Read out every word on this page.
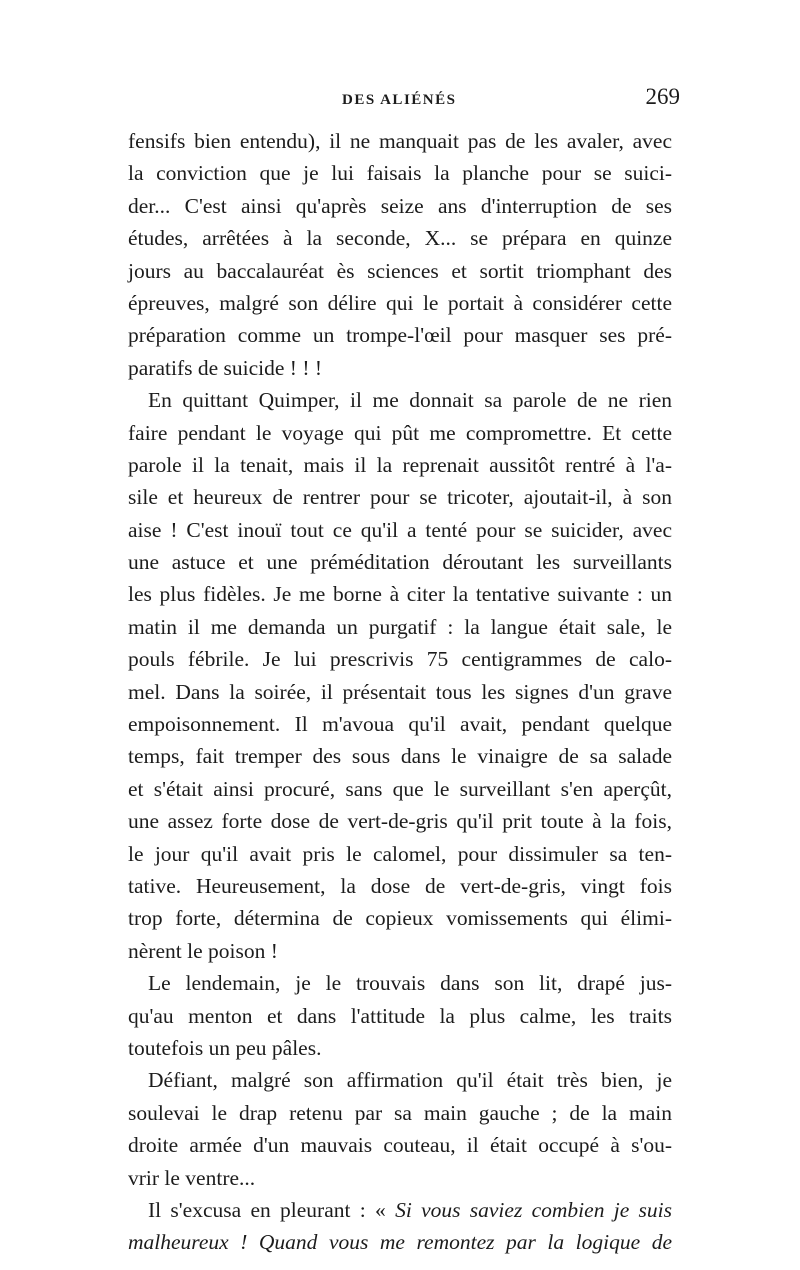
DES ALIÉNÉS	269
fensifs bien entendu), il ne manquait pas de les avaler, avec
la conviction que je lui faisais la planche pour se suici-
der... C'est ainsi qu'après seize ans d'interruption de ses
études, arrêtées à la seconde, X... se prépara en quinze
jours au baccalauréat ès sciences et sortit triomphant des
épreuves, malgré son délire qui le portait à considérer cette
préparation comme un trompe-l'œil pour masquer ses pré-
paratifs de suicide ! ! !
En quittant Quimper, il me donnait sa parole de ne rien
faire pendant le voyage qui pût me compromettre. Et cette
parole il la tenait, mais il la reprenait aussitôt rentré à l'a-
sile et heureux de rentrer pour se tricoter, ajoutait-il, à son
aise ! C'est inouï tout ce qu'il a tenté pour se suicider, avec
une astuce et une préméditation déroutant les surveillants
les plus fidèles. Je me borne à citer la tentative suivante : un
matin il me demanda un purgatif : la langue était sale, le
pouls fébrile. Je lui prescrivis 75 centigrammes de calo-
mel. Dans la soirée, il présentait tous les signes d'un grave
empoisonnement. Il m'avoua qu'il avait, pendant quelque
temps, fait tremper des sous dans le vinaigre de sa salade
et s'était ainsi procuré, sans que le surveillant s'en aperçût,
une assez forte dose de vert-de-gris qu'il prit toute à la fois,
le jour qu'il avait pris le calomel, pour dissimuler sa ten-
tative. Heureusement, la dose de vert-de-gris, vingt fois
trop forte, détermina de copieux vomissements qui élimi-
nèrent le poison !
Le lendemain, je le trouvais dans son lit, drapé jus-
qu'au menton et dans l'attitude la plus calme, les traits
toutefois un peu pâles.
Défiant, malgré son affirmation qu'il était très bien, je
soulevai le drap retenu par sa main gauche ; de la main
droite armée d'un mauvais couteau, il était occupé à s'ou-
vrir le ventre...
Il s'excusa en pleurant : « Si vous saviez combien je suis
malheureux ! Quand vous me remontez par la logique de
